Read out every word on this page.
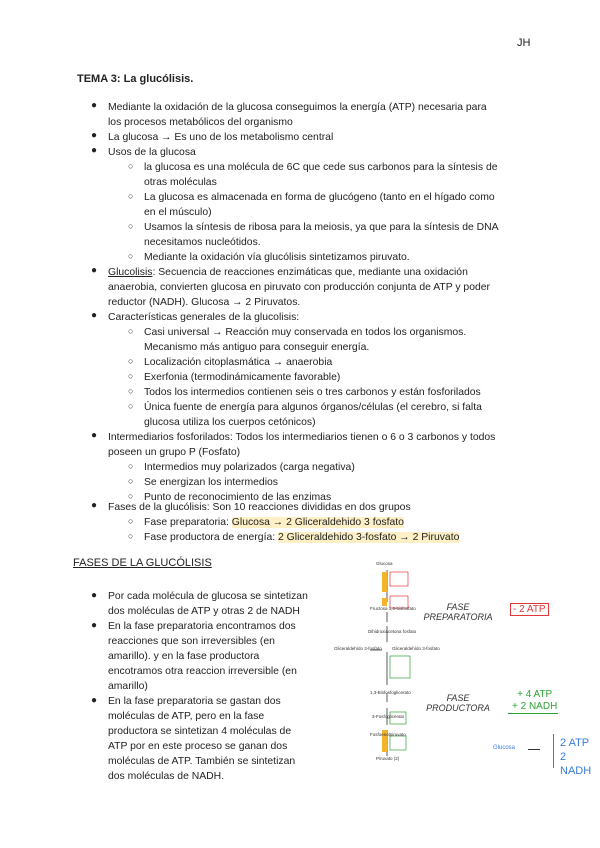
JH
TEMA 3: La glucólisis.
● Mediante la oxidación de la glucosa conseguimos la energía (ATP) necesaria para
los procesos metabólicos del organismo
● La glucosa → Es uno de los metabolismo central
● Usos de la glucosa
○ la glucosa es una molécula de 6C que cede sus carbonos para la síntesis de
otras moléculas
○ La glucosa es almacenada en forma de glucógeno (tanto en el hígado como
en el músculo)
○ Usamos la síntesis de ribosa para la meiosis, ya que para la síntesis de DNA
necesitamos nucleótidos.
○ Mediante la oxidación vía glucólisis sintetizamos piruvato.
● Glucolisis: Secuencia de reacciones enzimáticas que, mediante una oxidación
anaerobia, convierten glucosa en piruvato con producción conjunta de ATP y poder
reductor (NADH). Glucosa → 2 Piruvatos.
● Características generales de la glucolisis:
○ Casi universal → Reacción muy conservada en todos los organismos.
Mecanismo más antiguo para conseguir energía.
○ Localización citoplasmática → anaerobia
○ Exerfonia (termodinámicamente favorable)
○ Todos los intermedios contienen seis o tres carbonos y están fosforilados
○ Única fuente de energía para algunos órganos/células (el cerebro, si falta
glucosa utiliza los cuerpos cetónicos)
● Intermediarios fosforilados: Todos los intermediarios tienen o 6 o 3 carbonos y todos
poseen un grupo P (Fosfato)
○ Intermedios muy polarizados (carga negativa)
○ Se energizan los intermedios
○ Punto de reconocimiento de las enzimas
● Fases de la glucólisis: Son 10 reacciones divididas en dos grupos
○ Fase preparatoria: Glucosa → 2 Gliceraldehido 3 fosfato
○ Fase productora de energía: 2 Gliceraldehido 3-fosfato → 2 Piruvato
FASES DE LA GLUCÓLISIS
● Por cada molécula de glucosa se sintetizan
dos moléculas de ATP y otras 2 de NADH
● En la fase preparatoria encontramos dos
reacciones que son irreversibles (en
amarillo). y en la fase productora
encotramos otra reaccion irreversible (en
amarillo)
● En la fase preparatoria se gastan dos
moléculas de ATP, pero en la fase
productora se sintetizan 4 moléculas de
ATP por en este proceso se ganan dos
moléculas de ATP. También se sintetizan
dos moléculas de NADH.
Glucosa
Fructosa 1,6-bisfosfato
Dihidroxiacetona fosfato
Gliceraldehído 3-fosfato Gliceraldehído 3-fosfato
1,3-Bisfosfoglicerato
3-Fosfoglicerato
Fosfoenolpiruvato
Piruvato (2)
FASE
PREPARATORIA
- 2 ATP
FASE
PRODUCTORA
+ 4 ATP
+ 2 NADH
Glucosa	2 ATP
2 NADH
